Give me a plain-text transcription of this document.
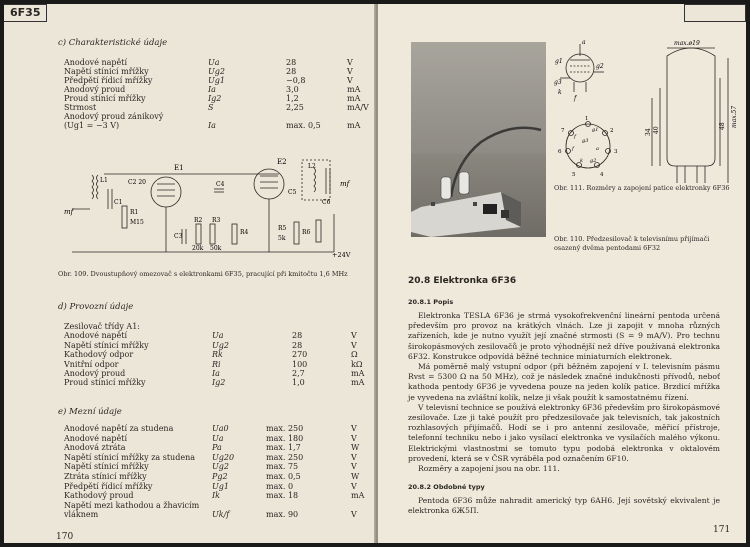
6F35
c) Charakteristické údaje
Anodové napětí	Ua	28	V
Napětí stínicí mřížky	Ug2	28	V
Předpětí řídicí mřížky	Ug1	−0,8	V
Anodový proud	Ia	3,0	mA
Proud stínicí mřížky	Ig2	1,2	mA
Strmost	S	2,25	mA/V
Anodový proud zánikový
(Ug1 = −3 V)	Ia	max. 0,5	mA
E1
E2
mf
mf
L1
L2
C1
C2 20
C3
C4
C5
C6
R1
M15	R2
20k
R3
50k
R4
R5
5k
R6
+24V
Obr. 109. Dvoustupňový omezovač s elektronkami 6F35, pracující při kmitočtu 1,6 MHz
d) Provozní údaje
Zesilovač třídy A1:
Anodové napětí	Ua	28	V
Napětí stínicí mřížky	Ug2	28	V
Kathodový odpor	Rk	270	Ω
Vnitřní odpor	Ri	100	kΩ
Anodový proud	Ia	2,7	mA
Proud stínicí mřížky	Ig2	1,0	mA
e) Mezní údaje
Anodové napětí za studena	Ua0	max. 250	V
Anodové napětí	Ua	max. 180	V
Anodová ztráta	Pa	max. 1,7	W
Napětí stínicí mřížky za studena Ug20	max. 250	V
Napětí stínicí mřížky	Ug2	max. 75	V
Ztráta stínicí mřížky	Pg2	max. 0,5	W
Předpětí řídicí mřížky	Ug1	max. 0	V
Kathodový proud	Ik	max. 18	mA
Napětí mezi kathodou a žhavicím
vláknem	Uk/f	max. 90	V
170
a
g1
g2
g3
k
f
1
2
3
4
5
6
7	g1
a
g2
f
f
k
g3
max.ø19
max.57
48
40
34
Obr. 111. Rozměry a zapojení patice elektronky 6F36
Obr. 110. Předzesilovač k televisnímu přijímači osazený dvěma pentodami 6F32
20.8 Elektronka 6F36
20.8.1 Popis

Elektronka TESLA 6F36 je strmá vysokofrekvenční lineární pentoda určená především pro provoz na krátkých vlnách. Lze ji zapojit v mnoha různých zařízeních, kde je nutno využít její značné strmosti (S = 9 mA/V). Pro technu širokopásmových zesilovačů je proto výhodnější než dříve používaná elektronka 6F32. Konstrukce odpovídá běžné technice miniaturních elektronek.

Má poměrně malý vstupní odpor (při běžném zapojení v I. televisním pásmu Rvst = 5300 Ω na 50 MHz), což je následek značné indukčnosti přívodů, neboť kathoda pentody 6F36 je vyvedena pouze na jeden kolík patice. Brzdicí mřížka je vyvedena na zvláštní kolík, nelze ji však použít k samostatnému řízení.

V televisní technice se používá elektronky 6F36 především pro širokopásmové zesilovače. Lze ji také použít pro předzesilovače jak televisních, tak jakostních rozhlasových přijímačů. Hodí se i pro antenní zesilovače, měřicí přístroje, telefonní techniku nebo i jako vysílací elektronka ve vysílačích malého výkonu. Elektrickými vlastnostmi se tomuto typu podobá elektronka v oktalovém provedení, která se v ČSR vyráběla pod označením 6F10.

Rozměry a zapojení jsou na obr. 111.

20.8.2 Obdobné typy

Pentoda 6F36 může nahradit americký typ 6AH6. Její sovětský ekvivalent je elektronka 6Ж5П.

171
